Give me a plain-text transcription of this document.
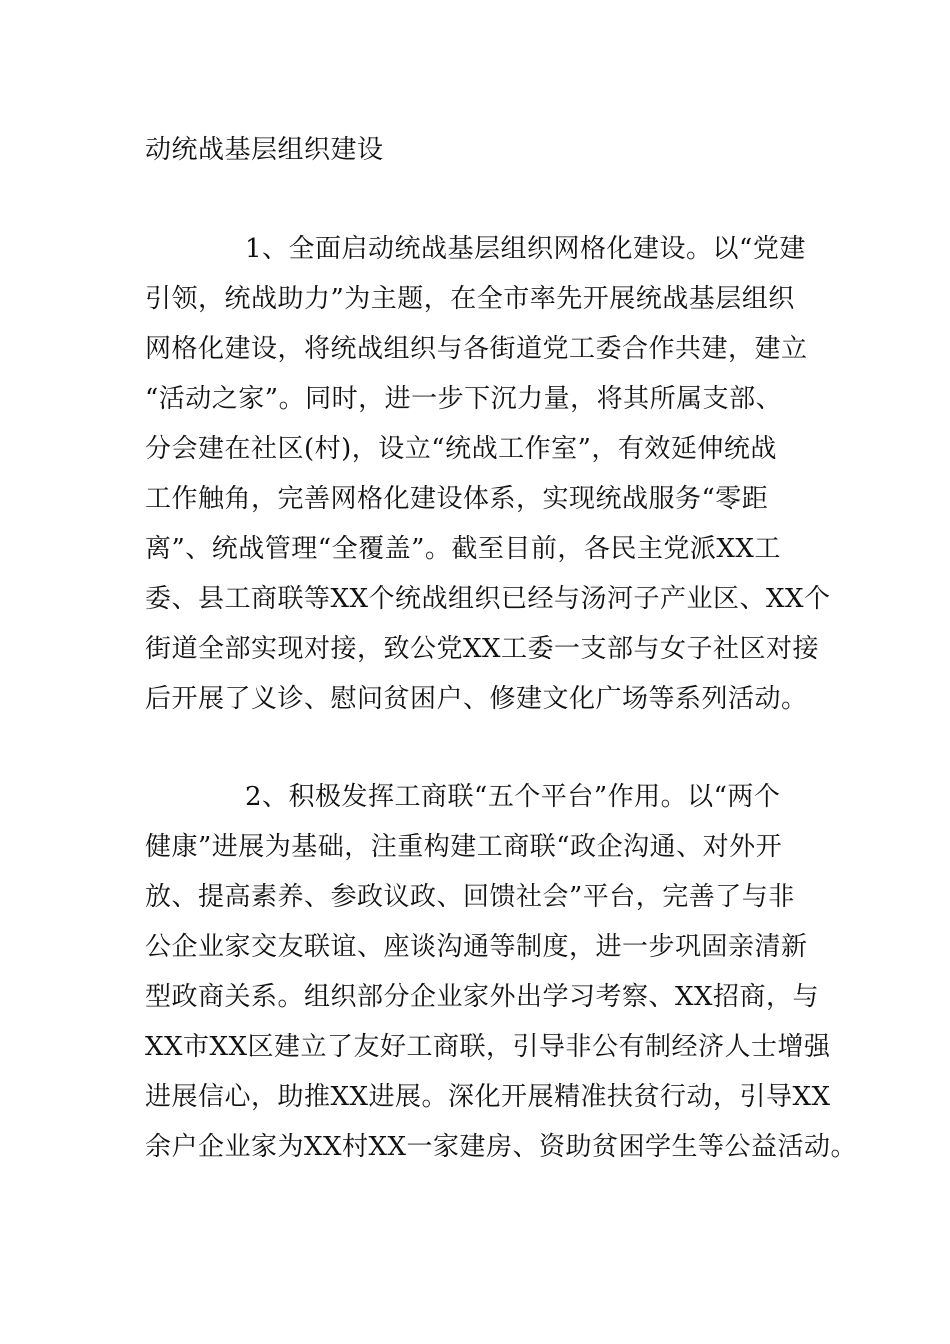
动统战基层组织建设
1、全面启动统战基层组织网格化建设。以“党建
引领，统战助力”为主题，在全市率先开展统战基层组织
网格化建设，将统战组织与各街道党工委合作共建，建立
“活动之家”。同时，进一步下沉力量，将其所属支部、
分会建在社区(村)，设立“统战工作室”，有效延伸统战
工作触角，完善网格化建设体系，实现统战服务“零距
离”、统战管理“全覆盖”。截至目前，各民主党派XX工
委、县工商联等XX个统战组织已经与汤河子产业区、XX个
街道全部实现对接，致公党XX工委一支部与女子社区对接
后开展了义诊、慰问贫困户、修建文化广场等系列活动。
2、积极发挥工商联“五个平台”作用。以“两个
健康”进展为基础，注重构建工商联“政企沟通、对外开
放、提高素养、参政议政、回馈社会”平台，完善了与非
公企业家交友联谊、座谈沟通等制度，进一步巩固亲清新
型政商关系。组织部分企业家外出学习考察、XX招商，与
XX市XX区建立了友好工商联，引导非公有制经济人士增强
进展信心，助推XX进展。深化开展精准扶贫行动，引导XX
余户企业家为XX村XX一家建房、资助贫困学生等公益活动。
